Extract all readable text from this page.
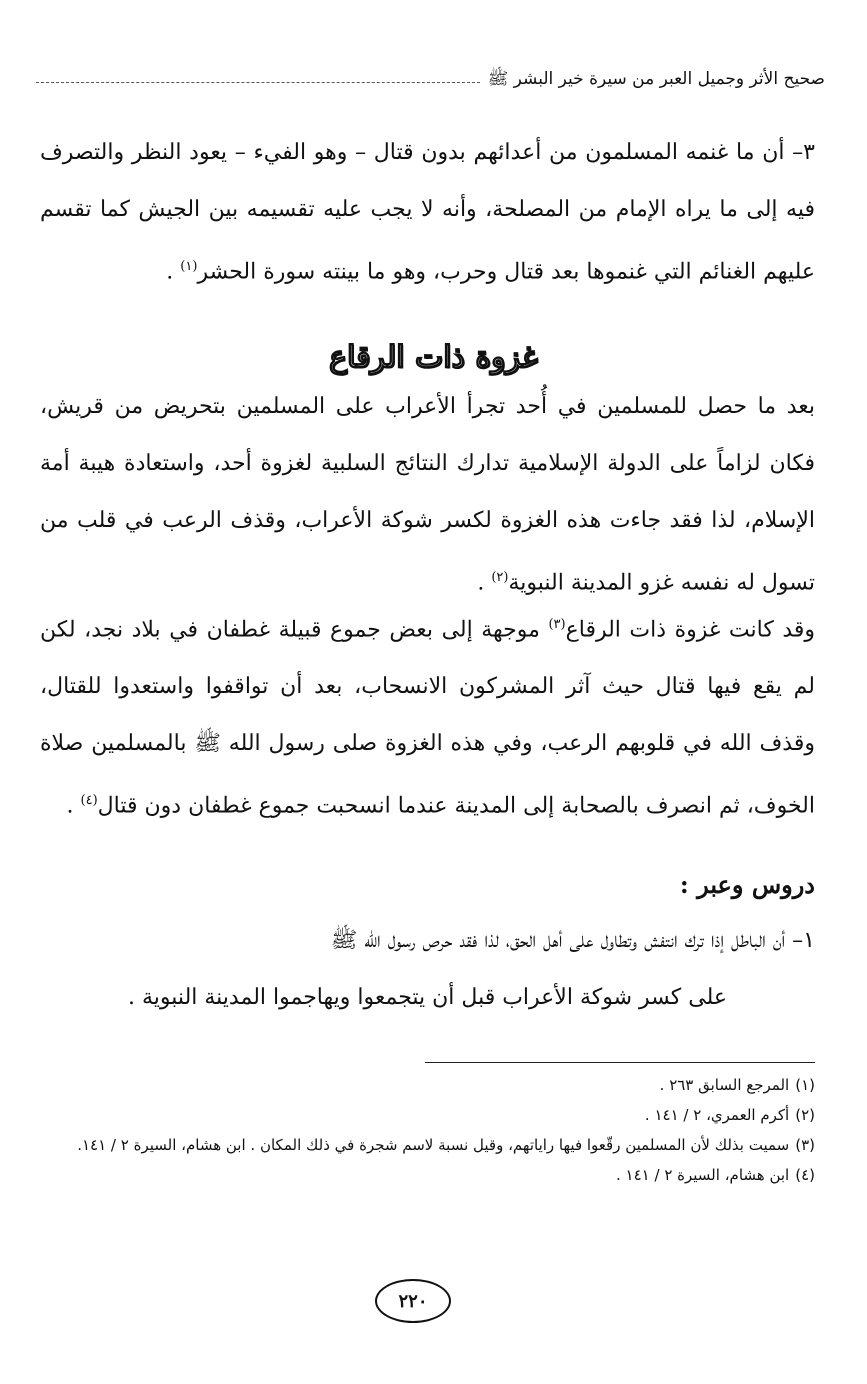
صحيح الأثر وجميل العبر من سيرة خير البشر ﷺ

٣– أن ما غنمه المسلمون من أعدائهم بدون قتال – وهو الفيء – يعود النظر والتصرف فيه إلى ما يراه الإمام من المصلحة، وأنه لا يجب عليه تقسيمه بين الجيش كما تقسم عليهم الغنائم التي غنموها بعد قتال وحرب، وهو ما بينته سورة الحشر$^{(١)}$ .

غزوة ذات الرقاع

بعد ما حصل للمسلمين في أُحد تجرأ الأعراب على المسلمين بتحريض من قريش، فكان لزاماً على الدولة الإسلامية تدارك النتائج السلبية لغزوة أحد، واستعادة هيبة أمة الإسلام، لذا فقد جاءت هذه الغزوة لكسر شوكة الأعراب، وقذف الرعب في قلب من تسول له نفسه غزو المدينة النبوية$^{(٢)}$ .

وقد كانت غزوة ذات الرقاع$^{(٣)}$ موجهة إلى بعض جموع قبيلة غطفان في بلاد نجد، لكن لم يقع فيها قتال حيث آثر المشركون الانسحاب، بعد أن تواقفوا واستعدوا للقتال، وقذف الله في قلوبهم الرعب، وفي هذه الغزوة صلى رسول الله ﷺ بالمسلمين صلاة الخوف، ثم انصرف بالصحابة إلى المدينة عندما انسحبت جموع غطفان دون قتال$^{(٤)}$ .

دروس وعبر :

١– أن الباطل إذا ترك انتفش وتطاول على أهل الحق، لذا فقد حرص رسول الله ﷺ

على كسر شوكة الأعراب قبل أن يتجمعوا ويهاجموا المدينة النبوية .

(١)
المرجع السابق ٢٦٣ .
(٢)
أكرم العمري، ٢ / ١٤١ .
(٣)
سميت بذلك لأن المسلمين رقّعوا فيها راياتهم، وقيل نسبة لاسم شجرة في ذلك المكان . ابن هشام، السيرة ٢ / ١٤١.
(٤)
ابن هشام، السيرة ٢ / ١٤١ .
٢٢٠
